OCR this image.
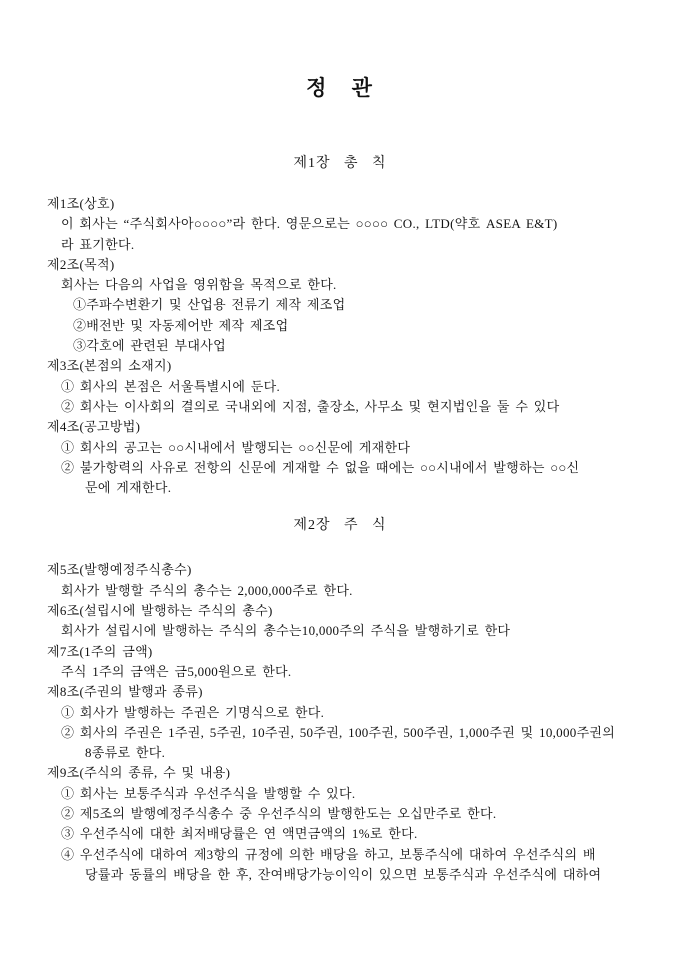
정 관
제1장 총 칙
제1조(상호)
이 회사는 “주식회사아○○○○”라 한다. 영문으로는 ○○○○ CO., LTD(약호 ASEA E&T)
라 표기한다.
제2조(목적)
회사는 다음의 사업을 영위함을 목적으로 한다.
①주파수변환기 및 산업용 전류기 제작 제조업
②배전반 및 자동제어반 제작 제조업
③각호에 관련된 부대사업
제3조(본점의 소재지)
① 회사의 본점은 서울특별시에 둔다.
② 회사는 이사회의 결의로 국내외에 지점, 출장소, 사무소 및 현지법인을 둘 수 있다
제4조(공고방법)
① 회사의 공고는 ○○시내에서 발행되는 ○○신문에 게재한다
② 불가항력의 사유로 전항의 신문에 게재할 수 없을 때에는 ○○시내에서 발행하는 ○○신
문에 게재한다.
제2장 주 식
제5조(발행예정주식총수)
회사가 발행할 주식의 총수는 2,000,000주로 한다.
제6조(설립시에 발행하는 주식의 총수)
회사가 설립시에 발행하는 주식의 총수는10,000주의 주식을 발행하기로 한다
제7조(1주의 금액)
주식 1주의 금액은 금5,000원으로 한다.
제8조(주권의 발행과 종류)
① 회사가 발행하는 주권은 기명식으로 한다.
② 회사의 주권은 1주권, 5주권, 10주권, 50주권, 100주권, 500주권, 1,000주권 및 10,000주권의
8종류로 한다.
제9조(주식의 종류, 수 및 내용)
① 회사는 보통주식과 우선주식을 발행할 수 있다.
② 제5조의 발행예정주식총수 중 우선주식의 발행한도는 오십만주로 한다.
③ 우선주식에 대한 최저배당률은 연 액면금액의 1%로 한다.
④ 우선주식에 대하여 제3항의 규정에 의한 배당을 하고, 보통주식에 대하여 우선주식의 배
당률과 동률의 배당을 한 후, 잔여배당가능이익이 있으면 보통주식과 우선주식에 대하여
